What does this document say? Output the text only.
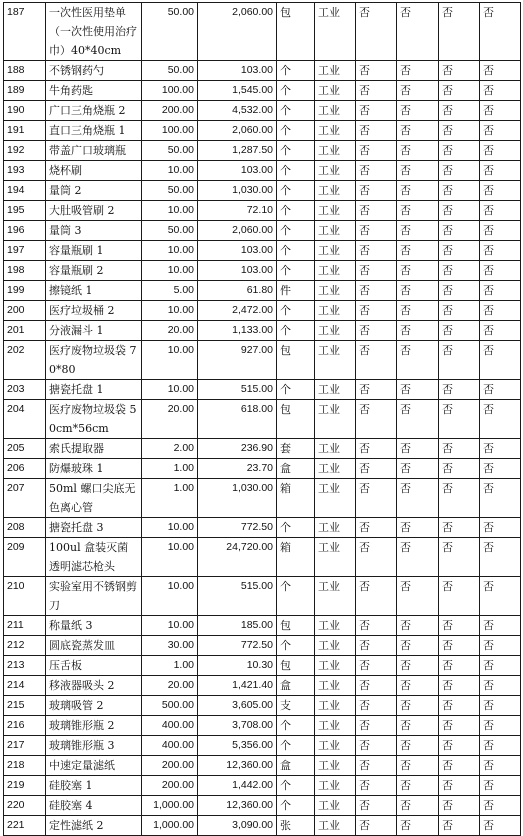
187	一次性医用垫单（一次性使用治疗巾）40*40cm	50.00	2,060.00	包	工业	否	否	否	否
188	不锈钢药勺	50.00	103.00	个	工业	否	否	否	否
189	牛角药匙	100.00	1,545.00	个	工业	否	否	否	否
190	广口三角烧瓶 2	200.00	4,532.00	个	工业	否	否	否	否
191	直口三角烧瓶 1	100.00	2,060.00	个	工业	否	否	否	否
192	带盖广口玻璃瓶	50.00	1,287.50	个	工业	否	否	否	否
193	烧杯刷	10.00	103.00	个	工业	否	否	否	否
194	量筒 2	50.00	1,030.00	个	工业	否	否	否	否
195	大肚吸管刷 2	10.00	72.10	个	工业	否	否	否	否
196	量筒 3	50.00	2,060.00	个	工业	否	否	否	否
197	容量瓶刷 1	10.00	103.00	个	工业	否	否	否	否
198	容量瓶刷 2	10.00	103.00	个	工业	否	否	否	否
199	擦镜纸 1	5.00	61.80	件	工业	否	否	否	否
200	医疗垃圾桶 2	10.00	2,472.00	个	工业	否	否	否	否
201	分液漏斗 1	20.00	1,133.00	个	工业	否	否	否	否
202	医疗废物垃圾袋 70*80	10.00	927.00	包	工业	否	否	否	否
203	搪瓷托盘 1	10.00	515.00	个	工业	否	否	否	否
204	医疗废物垃圾袋 50cm*56cm	20.00	618.00	包	工业	否	否	否	否
205	索氏提取器	2.00	236.90	套	工业	否	否	否	否
206	防爆玻珠 1	1.00	23.70	盒	工业	否	否	否	否
207	50ml 螺口尖底无色离心管	1.00	1,030.00	箱	工业	否	否	否	否
208	搪瓷托盘 3	10.00	772.50	个	工业	否	否	否	否
209	100ul 盒装灭菌透明滤芯枪头	10.00	24,720.00	箱	工业	否	否	否	否
210	实验室用不锈钢剪刀	10.00	515.00	个	工业	否	否	否	否
211	称量纸 3	10.00	185.00	包	工业	否	否	否	否
212	圆底瓷蒸发皿	30.00	772.50	个	工业	否	否	否	否
213	压舌板	1.00	10.30	包	工业	否	否	否	否
214	移液器吸头 2	20.00	1,421.40	盒	工业	否	否	否	否
215	玻璃吸管 2	500.00	3,605.00	支	工业	否	否	否	否
216	玻璃锥形瓶 2	400.00	3,708.00	个	工业	否	否	否	否
217	玻璃锥形瓶 3	400.00	5,356.00	个	工业	否	否	否	否
218	中速定量滤纸	200.00	12,360.00	盒	工业	否	否	否	否
219	硅胶塞 1	200.00	1,442.00	个	工业	否	否	否	否
220	硅胶塞 4	1,000.00	12,360.00	个	工业	否	否	否	否
221	定性滤纸 2	1,000.00	3,090.00	张	工业	否	否	否	否
